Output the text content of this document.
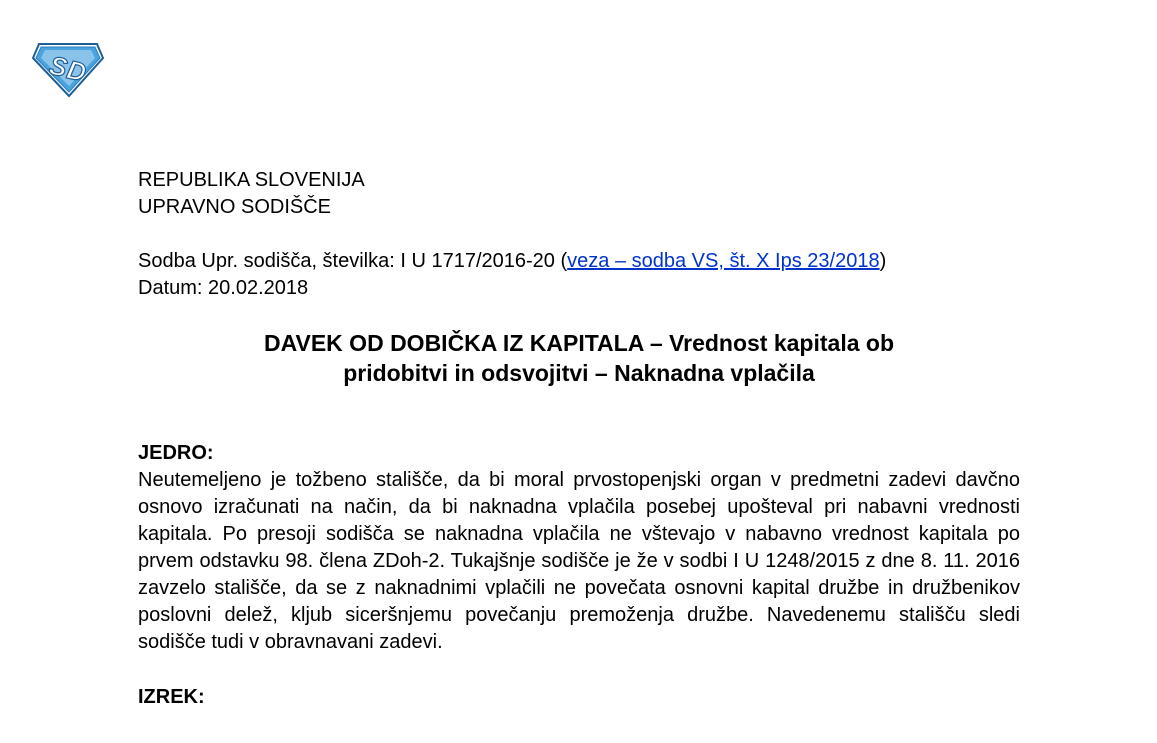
S
D
REPUBLIKA SLOVENIJA
UPRAVNO SODIŠČE
Sodba Upr. sodišča, številka: I U 1717/2016-20 (veza – sodba VS, št. X Ips 23/2018)
Datum: 20.02.2018
DAVEK OD DOBIČKA IZ KAPITALA – Vrednost kapitala ob
pridobitvi in odsvojitvi – Naknadna vplačila
JEDRO:
Neutemeljeno je tožbeno stališče, da bi moral prvostopenjski organ v predmetni zadevi davčno osnovo izračunati na način, da bi naknadna vplačila posebej upošteval pri nabavni vrednosti kapitala. Po presoji sodišča se naknadna vplačila ne vštevajo v nabavno vrednost kapitala po prvem odstavku 98. člena ZDoh-2. Tukajšnje sodišče je že v sodbi I U 1248/2015 z dne 8. 11. 2016 zavzelo stališče, da se z naknadnimi vplačili ne povečata osnovni kapital družbe in družbenikov poslovni delež, kljub siceršnjemu povečanju premoženja družbe. Navedenemu stališču sledi sodišče tudi v obravnavani zadevi.
IZREK:
